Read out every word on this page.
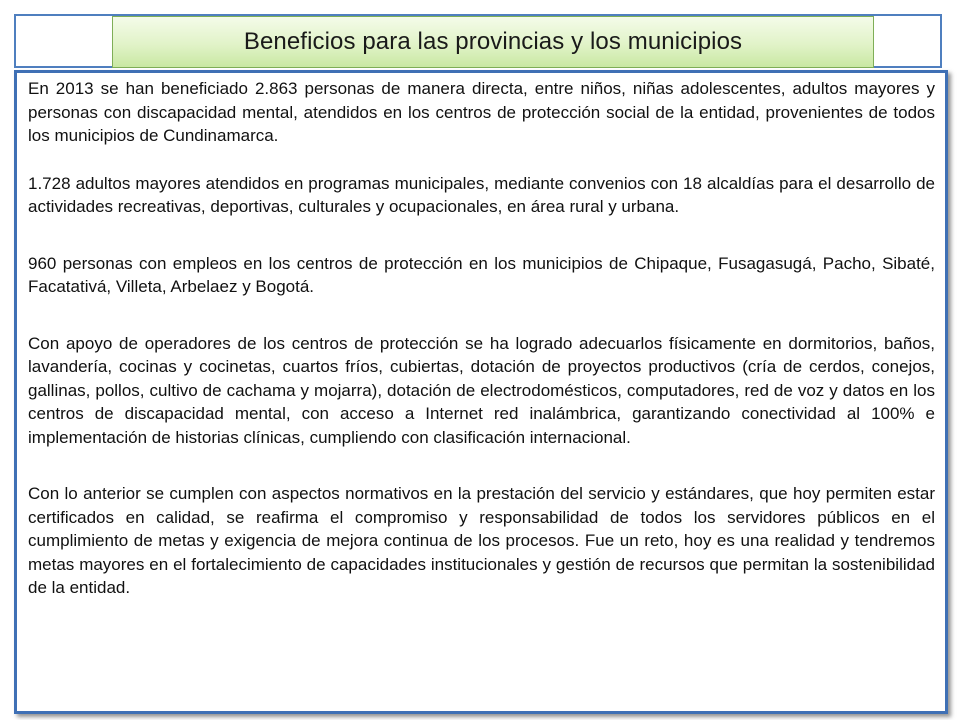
Beneficios para las provincias y los municipios

En 2013 se han beneficiado 2.863 personas de manera directa, entre niños, niñas adolescentes, adultos mayores y personas con discapacidad mental, atendidos en los centros de protección social de la entidad, provenientes de todos los municipios de Cundinamarca.

1.728 adultos mayores atendidos en programas municipales, mediante convenios con 18 alcaldías para el desarrollo de actividades recreativas, deportivas, culturales y ocupacionales, en área rural y urbana.

960 personas con empleos en los centros de protección en los municipios de Chipaque, Fusagasugá, Pacho, Sibaté, Facatativá, Villeta, Arbelaez y Bogotá.

Con apoyo de operadores de los centros de protección se ha logrado adecuarlos físicamente en dormitorios, baños, lavandería, cocinas y cocinetas, cuartos fríos, cubiertas, dotación de proyectos productivos (cría de cerdos, conejos, gallinas, pollos, cultivo de cachama y mojarra), dotación de electrodomésticos, computadores, red de voz y datos en los centros de discapacidad mental, con acceso a Internet red inalámbrica, garantizando conectividad al 100% e implementación de historias clínicas, cumpliendo con clasificación internacional.

Con lo anterior se cumplen con aspectos normativos en la prestación del servicio y estándares, que hoy permiten estar certificados en calidad, se reafirma el compromiso y responsabilidad de todos los servidores públicos en el cumplimiento de metas y exigencia de mejora continua de los procesos. Fue un reto, hoy es una realidad y tendremos metas mayores en el fortalecimiento de capacidades institucionales y gestión de recursos que permitan la sostenibilidad de la entidad.
